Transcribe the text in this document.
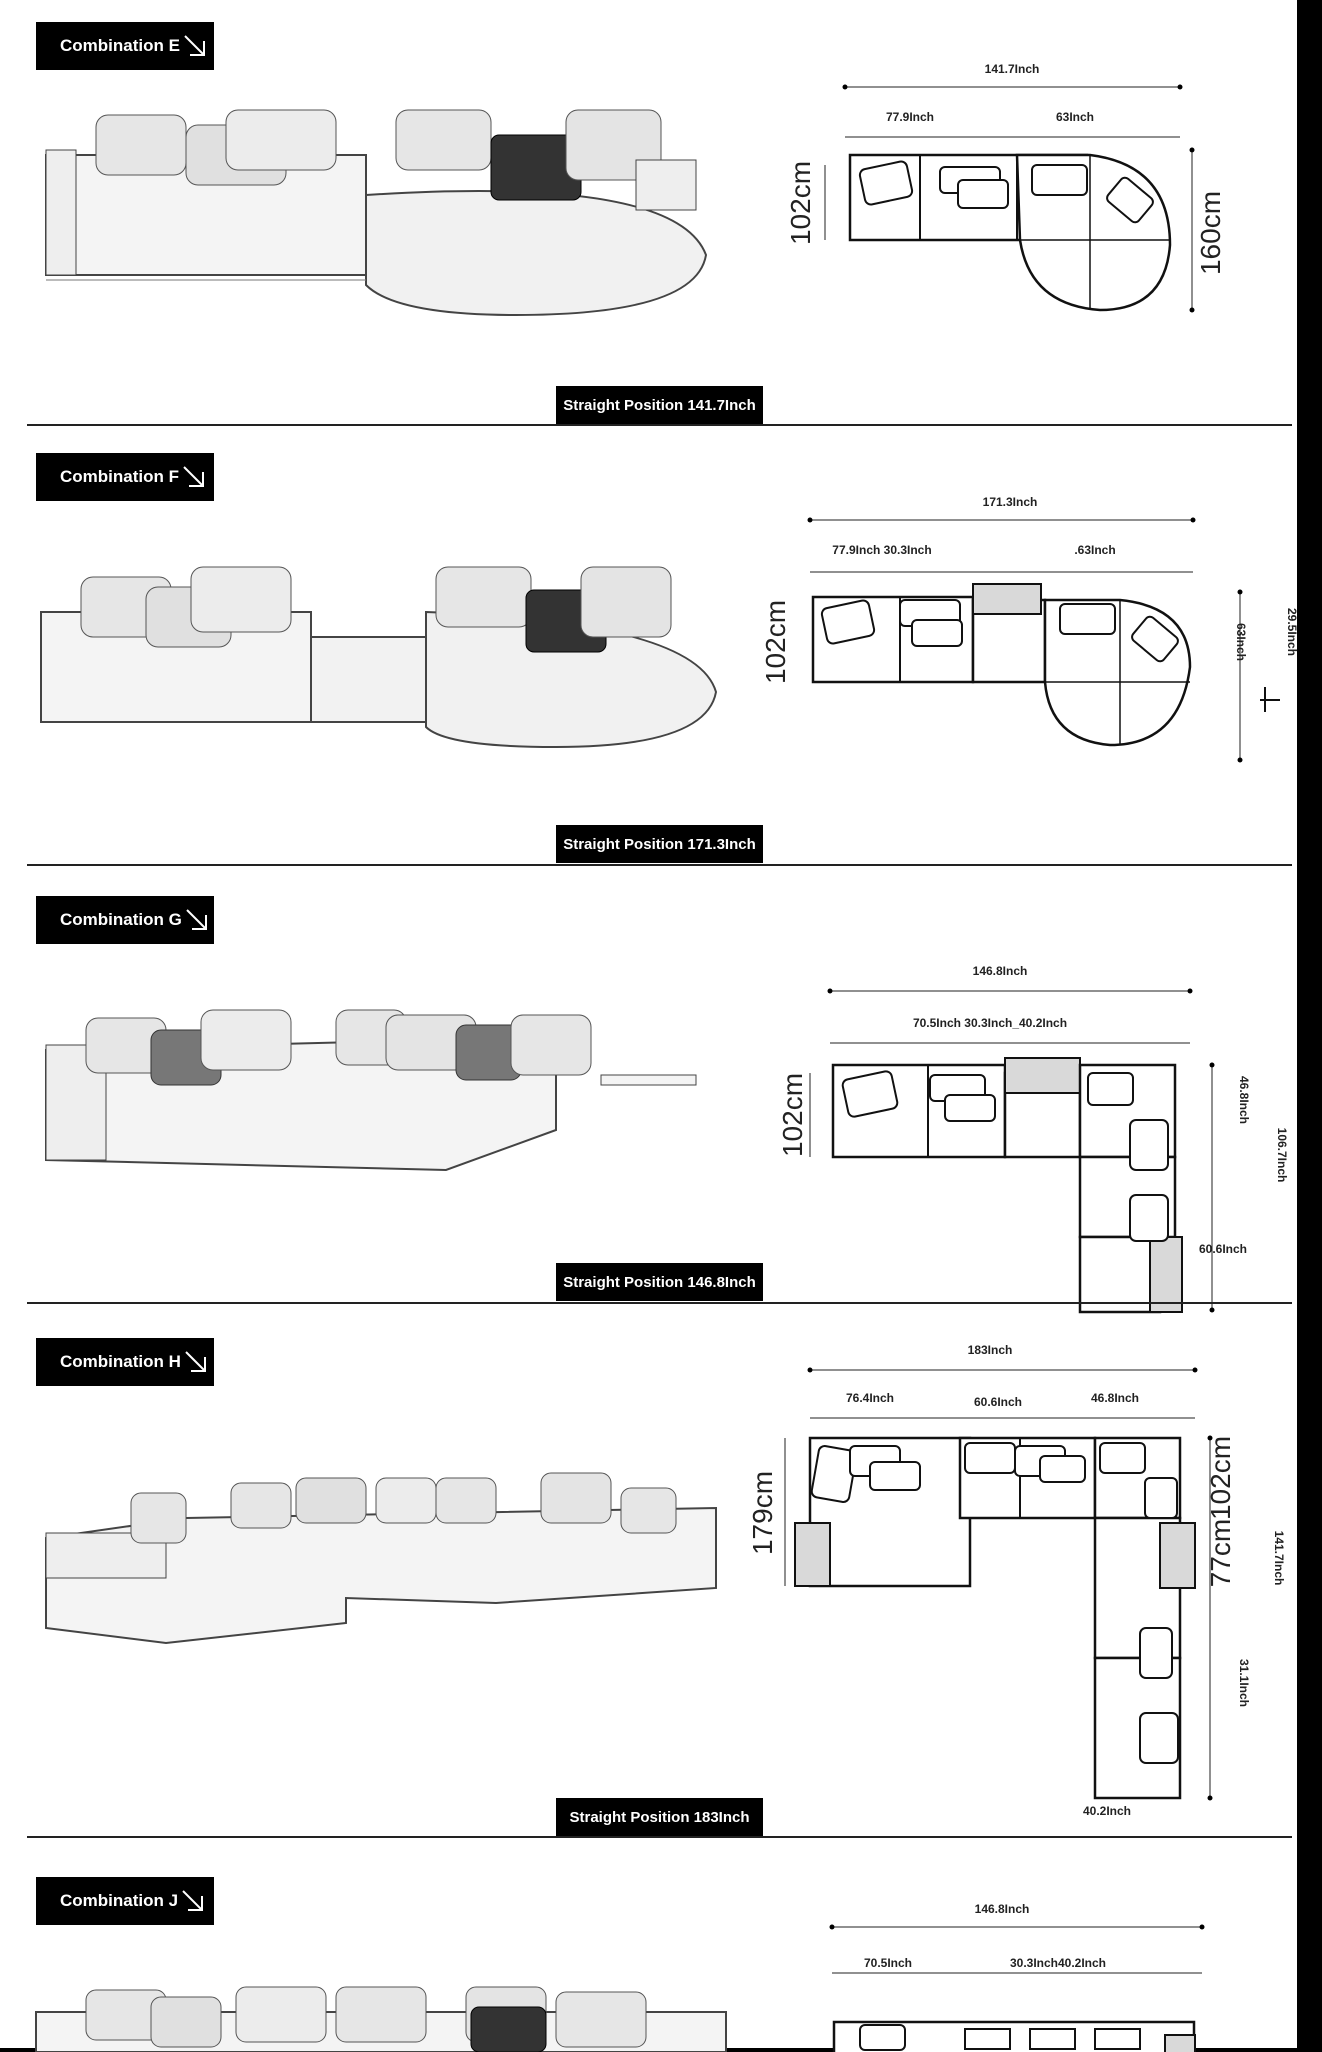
Combination E
141.7Inch
77.9Inch	63Inch
160cm
102cm
Straight Position 141.7Inch
Combination F
171.3Inch
77.9Inch 30.3Inch	.63Inch
63Inch	29.5Inch
102cm
Straight Position 171.3Inch
Combination G
146.8Inch
70.5Inch 30.3Inch_40.2Inch
102cm	46.8Inch
106.7Inch
60.6Inch
Straight Position 146.8Inch
Combination H
183Inch
76.4Inch	60.6Inch	46.8Inch
179cm	102cm
77cm	141.7Inch
31.1Inch
40.2Inch
Straight Position 183Inch
Combination J	146.8Inch
70.5Inch	30.3Inch40.2Inch
